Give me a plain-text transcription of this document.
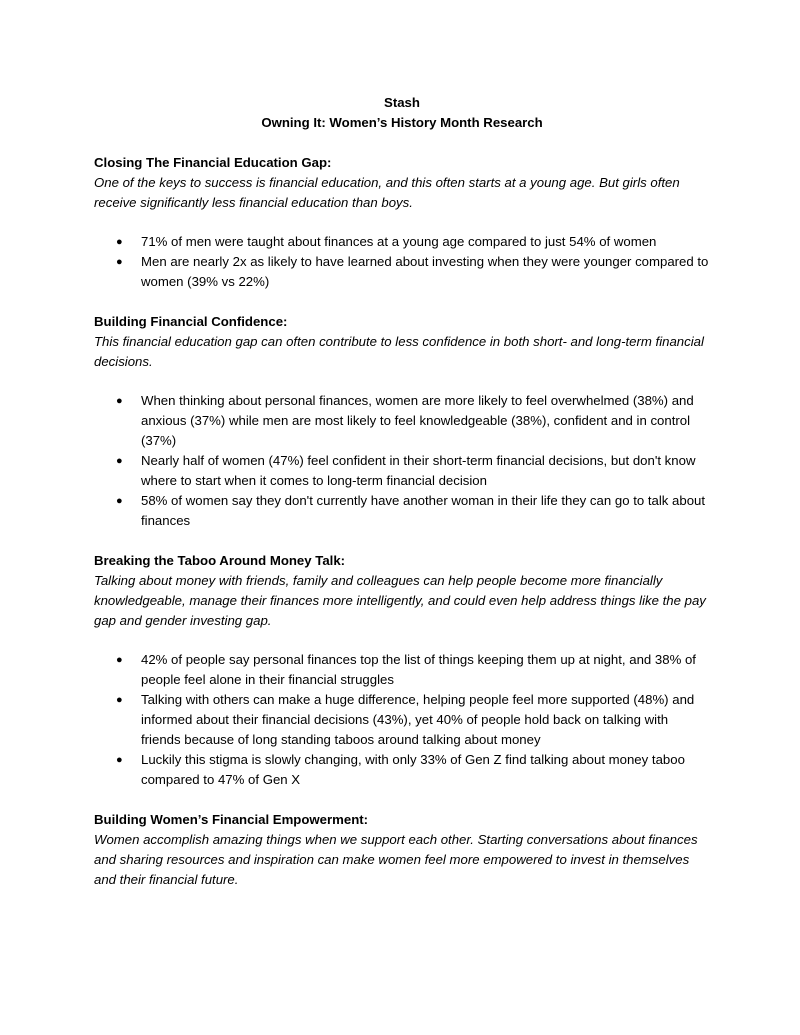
Stash

Owning It: Women’s History Month Research

Closing The Financial Education Gap:

One of the keys to success is financial education, and this often starts at a young age. But girls often receive significantly less financial education than boys.

● 71% of men were taught about finances at a young age compared to just 54% of women
● Men are nearly 2x as likely to have learned about investing when they were younger compared to women (39% vs 22%)

Building Financial Confidence:

This financial education gap can often contribute to less confidence in both short- and long-term financial decisions.

● When thinking about personal finances, women are more likely to feel overwhelmed (38%) and anxious (37%) while men are most likely to feel knowledgeable (38%), confident and in control (37%)
● Nearly half of women (47%) feel confident in their short-term financial decisions, but don't know where to start when it comes to long-term financial decision
● 58% of women say they don't currently have another woman in their life they can go to talk about finances

Breaking the Taboo Around Money Talk:

Talking about money with friends, family and colleagues can help people become more financially knowledgeable, manage their finances more intelligently, and could even help address things like the pay gap and gender investing gap.

● 42% of people say personal finances top the list of things keeping them up at night, and 38% of people feel alone in their financial struggles
● Talking with others can make a huge difference, helping people feel more supported (48%) and informed about their financial decisions (43%), yet 40% of people hold back on talking with friends because of long standing taboos around talking about money
● Luckily this stigma is slowly changing, with only 33% of Gen Z find talking about money taboo compared to 47% of Gen X

Building Women’s Financial Empowerment:

Women accomplish amazing things when we support each other. Starting conversations about finances and sharing resources and inspiration can make women feel more empowered to invest in themselves and their financial future.
